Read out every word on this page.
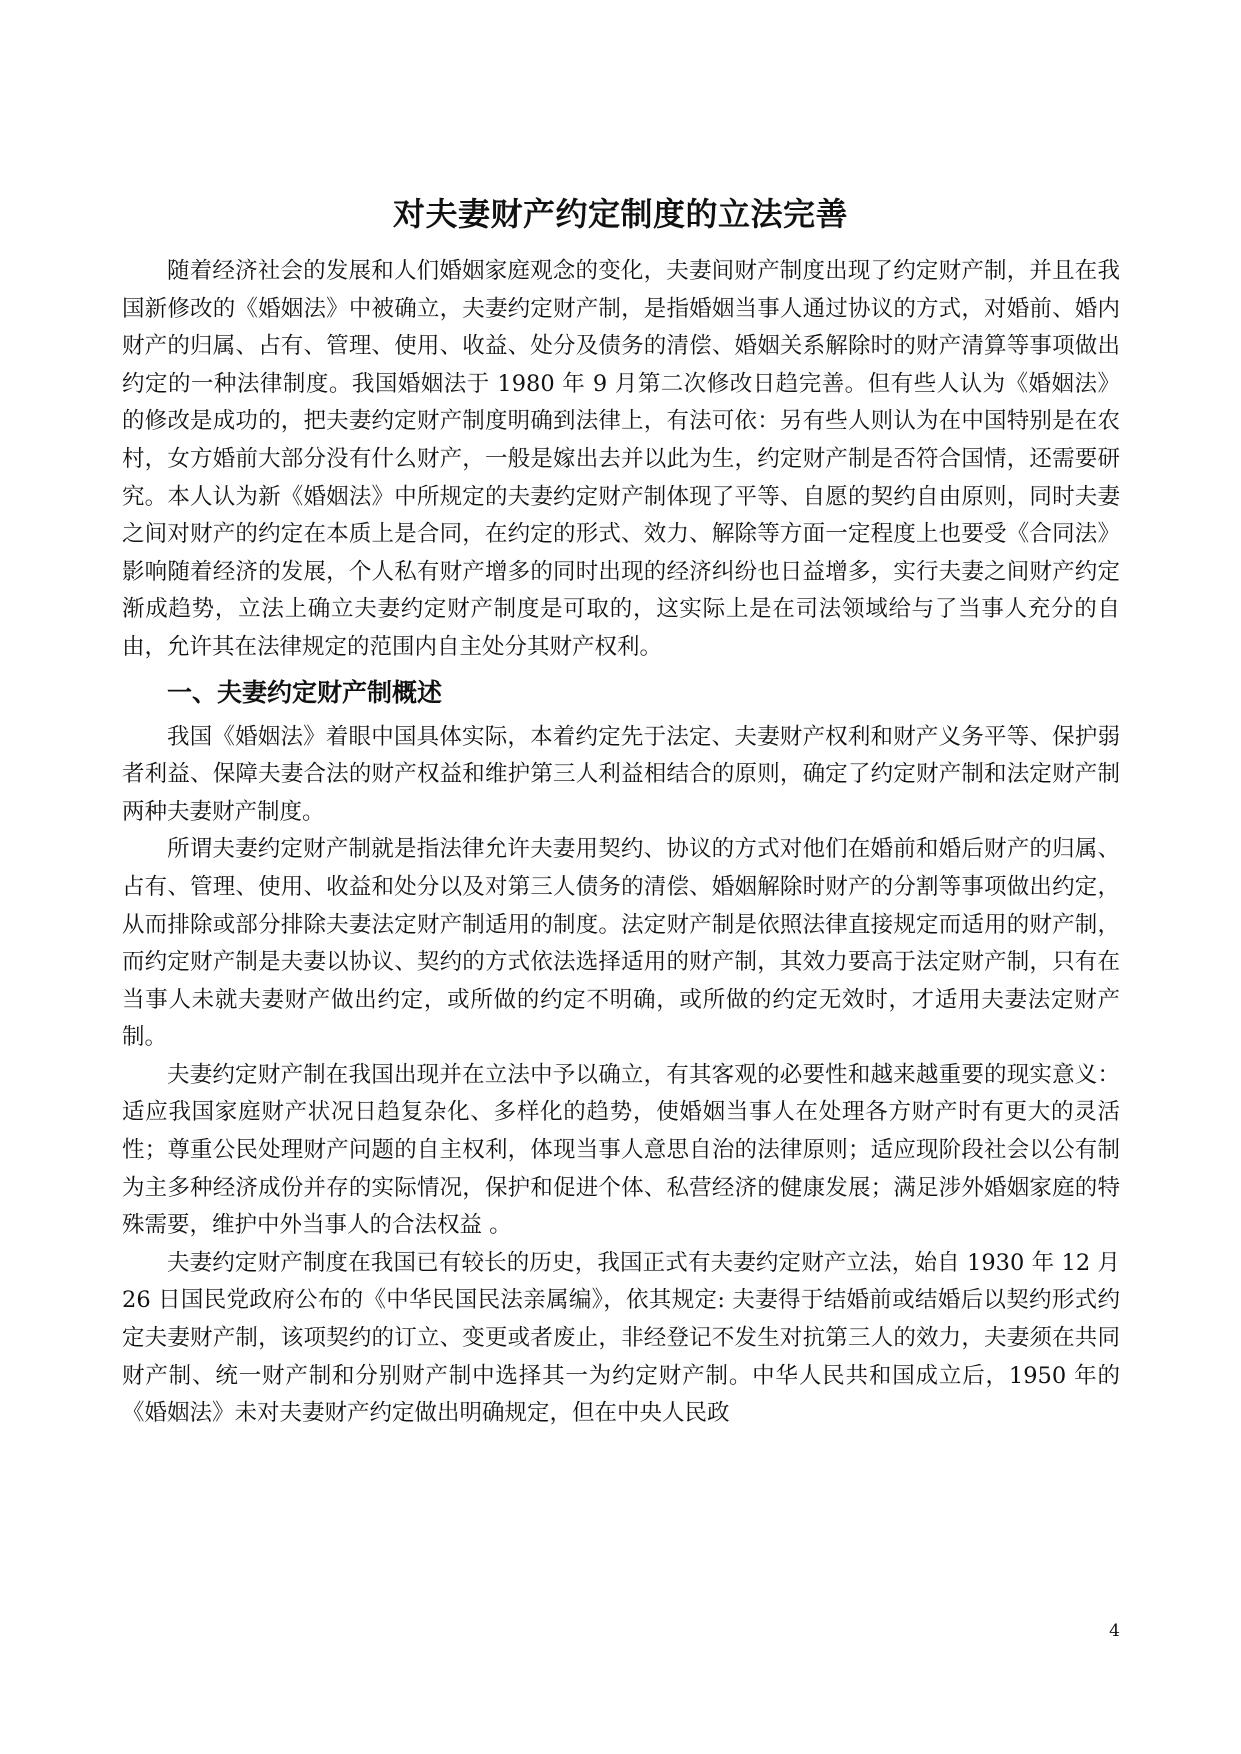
对夫妻财产约定制度的立法完善

随着经济社会的发展和人们婚姻家庭观念的变化，夫妻间财产制度出现了约定财产制，并且在我国新修改的《婚姻法》中被确立，夫妻约定财产制，是指婚姻当事人通过协议的方式，对婚前、婚内财产的归属、占有、管理、使用、收益、处分及债务的清偿、婚姻关系解除时的财产清算等事项做出约定的一种法律制度。我国婚姻法于 1980 年 9 月第二次修改日趋完善。但有些人认为《婚姻法》的修改是成功的，把夫妻约定财产制度明确到法律上，有法可依：另有些人则认为在中国特别是在农村，女方婚前大部分没有什么财产，一般是嫁出去并以此为生，约定财产制是否符合国情，还需要研究。本人认为新《婚姻法》中所规定的夫妻约定财产制体现了平等、自愿的契约自由原则，同时夫妻之间对财产的约定在本质上是合同，在约定的形式、效力、解除等方面一定程度上也要受《合同法》影响随着经济的发展，个人私有财产增多的同时出现的经济纠纷也日益增多，实行夫妻之间财产约定渐成趋势，立法上确立夫妻约定财产制度是可取的，这实际上是在司法领域给与了当事人充分的自由，允许其在法律规定的范围内自主处分其财产权利。

一、夫妻约定财产制概述

我国《婚姻法》着眼中国具体实际，本着约定先于法定、夫妻财产权利和财产义务平等、保护弱者利益、保障夫妻合法的财产权益和维护第三人利益相结合的原则，确定了约定财产制和法定财产制两种夫妻财产制度。

所谓夫妻约定财产制就是指法律允许夫妻用契约、协议的方式对他们在婚前和婚后财产的归属、占有、管理、使用、收益和处分以及对第三人债务的清偿、婚姻解除时财产的分割等事项做出约定，从而排除或部分排除夫妻法定财产制适用的制度。法定财产制是依照法律直接规定而适用的财产制，而约定财产制是夫妻以协议、契约的方式依法选择适用的财产制，其效力要高于法定财产制，只有在当事人未就夫妻财产做出约定，或所做的约定不明确，或所做的约定无效时，才适用夫妻法定财产制。

夫妻约定财产制在我国出现并在立法中予以确立，有其客观的必要性和越来越重要的现实意义：适应我国家庭财产状况日趋复杂化、多样化的趋势，使婚姻当事人在处理各方财产时有更大的灵活性；尊重公民处理财产问题的自主权利，体现当事人意思自治的法律原则；适应现阶段社会以公有制为主多种经济成份并存的实际情况，保护和促进个体、私营经济的健康发展；满足涉外婚姻家庭的特殊需要，维护中外当事人的合法权益 。

夫妻约定财产制度在我国已有较长的历史，我国正式有夫妻约定财产立法，始自 1930 年 12 月 26 日国民党政府公布的《中华民国民法亲属编》，依其规定: 夫妻得于结婚前或结婚后以契约形式约定夫妻财产制，该项契约的订立、变更或者废止，非经登记不发生对抗第三人的效力，夫妻须在共同财产制、统一财产制和分别财产制中选择其一为约定财产制。中华人民共和国成立后，1950 年的《婚姻法》未对夫妻财产约定做出明确规定，但在中央人民政

4
